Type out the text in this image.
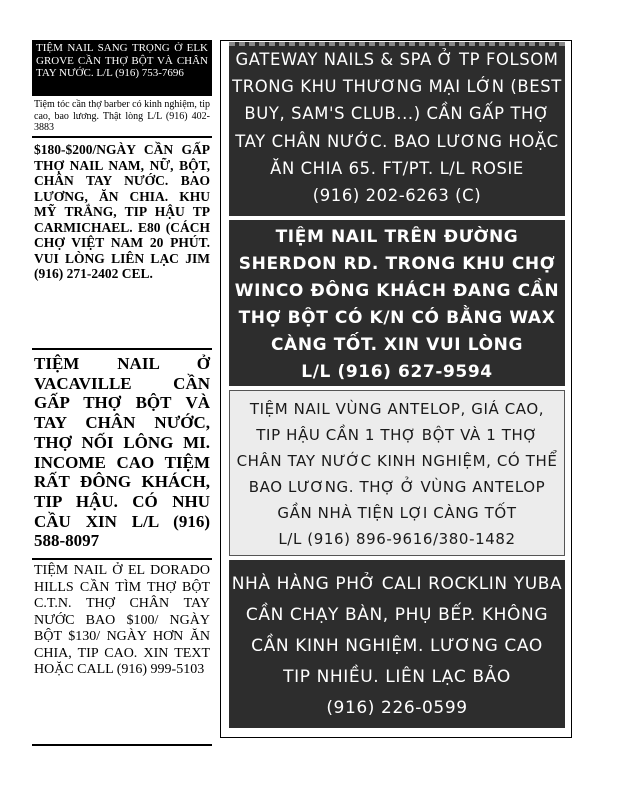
TIỆM NAIL SANG TRỌNG Ở ELK GROVE CẦN THỢ BỘT VÀ CHÂN TAY NƯỚC. L/L (916) 753-7696
Tiệm tóc cần thợ barber có kinh nghiệm, tip cao, bao lương. Thật lòng L/L (916) 402-3883
$180-$200/NGÀY CẦN GẤP THỢ NAIL NAM, NỮ, BỘT, CHÂN TAY NƯỚC. BAO LƯƠNG, ĂN CHIA. KHU MỸ TRẮNG, TIP HẬU TP CARMICHAEL. E80 (CÁCH CHỢ VIỆT NAM 20 PHÚT. VUI LÒNG LIÊN LẠC JIM (916) 271-2402 CEL.
TIỆM NAIL Ở VACAVILLE CẦN GẤP THỢ BỘT VÀ TAY CHÂN NƯỚC, THỢ NỐI LÔNG MI. INCOME CAO TIỆM RẤT ĐÔNG KHÁCH, TIP HẬU. CÓ NHU CẦU XIN L/L (916) 588-8097
TIỆM NAIL Ở EL DORADO HILLS CẦN TÌM THỢ BỘT C.T.N. THỢ CHÂN TAY NƯỚC BAO $100/ NGÀY BỘT $130/ NGÀY HƠN ĂN CHIA, TIP CAO. XIN TEXT HOẶC CALL (916) 999-5103
GATEWAY NAILS & SPA Ở TP FOLSOM
TRONG KHU THƯƠNG MẠI LỚN (BEST
BUY, SAM'S CLUB...) CẦN GẤP THỢ
TAY CHÂN NƯỚC. BAO LƯƠNG HOẶC
ĂN CHIA 65. FT/PT. L/L ROSIE
(916) 202-6263 (C)
TIỆM NAIL TRÊN ĐƯỜNG
SHERDON RD. TRONG KHU CHỢ
WINCO ĐÔNG KHÁCH ĐANG CẦN
THỢ BỘT CÓ K/N CÓ BẰNG WAX
CÀNG TỐT. XIN VUI LÒNG
L/L (916) 627-9594
TIỆM NAIL VÙNG ANTELOP, GIÁ CAO,
TIP HẬU CẦN 1 THỢ BỘT VÀ 1 THỢ
CHÂN TAY NƯỚC KINH NGHIỆM, CÓ THỂ
BAO LƯƠNG. THỢ Ở VÙNG ANTELOP
GẦN NHÀ TIỆN LỢI CÀNG TỐT
L/L (916) 896-9616/380-1482
NHÀ HÀNG PHỞ CALI ROCKLIN YUBA
CẦN CHẠY BÀN, PHỤ BẾP. KHÔNG
CẦN KINH NGHIỆM. LƯƠNG CAO
TIP NHIỀU. LIÊN LẠC BẢO
(916) 226-0599
